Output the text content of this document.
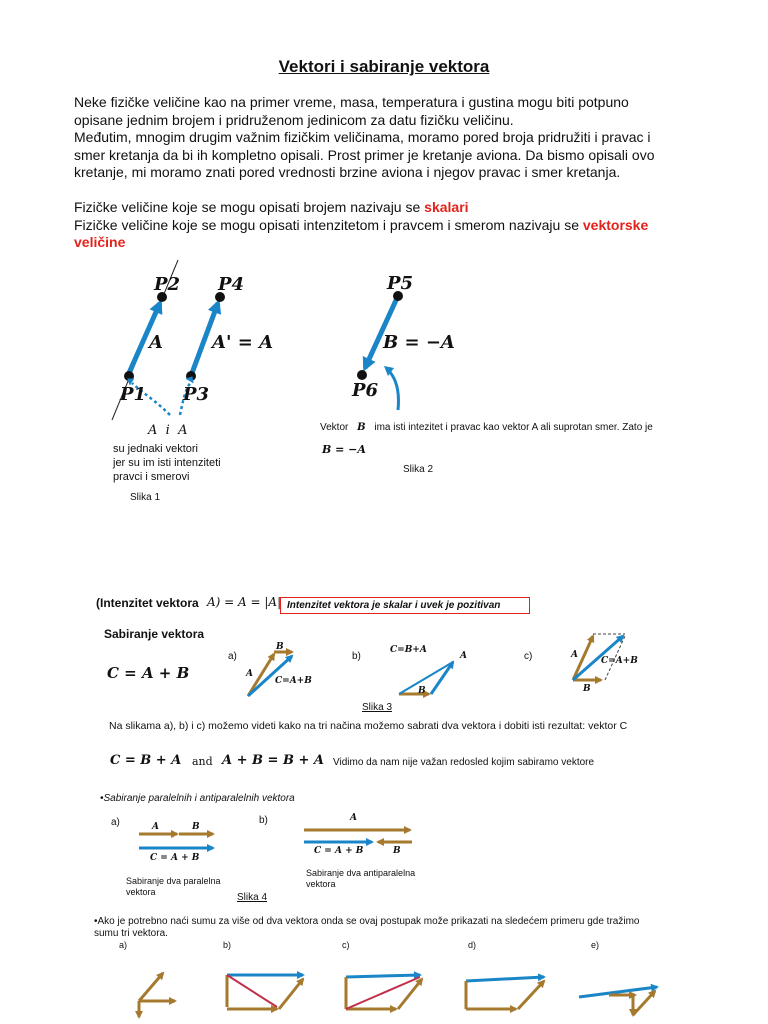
Vektori i sabiranje vektora
Neke fizičke veličine kao na primer vreme, masa, temperatura i gustina mogu biti potpuno
opisane jednim brojem i pridruženom jedinicom za datu fizičku veličinu.
Međutim, mnogim drugim važnim fizičkim veličinama, moramo pored broja pridružiti i pravac i
smer kretanja da bi ih kompletno opisali. Prost primer je kretanje aviona. Da bismo opisali ovo
kretanje, mi moramo znati pored vrednosti brzine aviona i njegov pravac i smer kretanja.
Fizičke veličine koje se mogu opisati brojem nazivaju se skalari
Fizičke veličine koje se mogu opisati intenzitetom i pravcem i smerom nazivaju se vektorske
veličine
P2 P4
A	A' = A
P1 P3
A  i  A
su jednaki vektori
jer su im isti intenziteti
pravci i smerovi
Slika 1
P5
B = −A
P6
Vektor B ima isti intezitet i pravac kao vektor A ali suprotan smer. Zato je
B = −A
Slika 2
(Intenzitet vektora A) = A = |A| Intenzitet vektora je skalar i uvek je pozitivan
Sabiranje vektora
C = A + B
a)
B
A
C=A+B
b)
C=B+A
A
B
c)	A
C=A+B
B
Slika 3
Na slikama a), b) i c) možemo videti kako na tri načina možemo sabrati dva vektora i dobiti isti rezultat: vektor C
C = B + A and A + B = B + A Vidimo da nam nije važan redosled kojim sabiramo vektore
•Sabiranje paralelnih i antiparalelnih vektora
a)	b)
A	B
C = A + B
A
C = A + B	B
Sabiranje dva paralelna
vektora
Sabiranje dva antiparalelna
vektora
Slika 4
•Ako je potrebno naći sumu za više od dva vektora onda se ovaj postupak može prikazati na sledećem primeru gde tražimo
sumu tri vektora.
a)	b)	c)	d)	e)
